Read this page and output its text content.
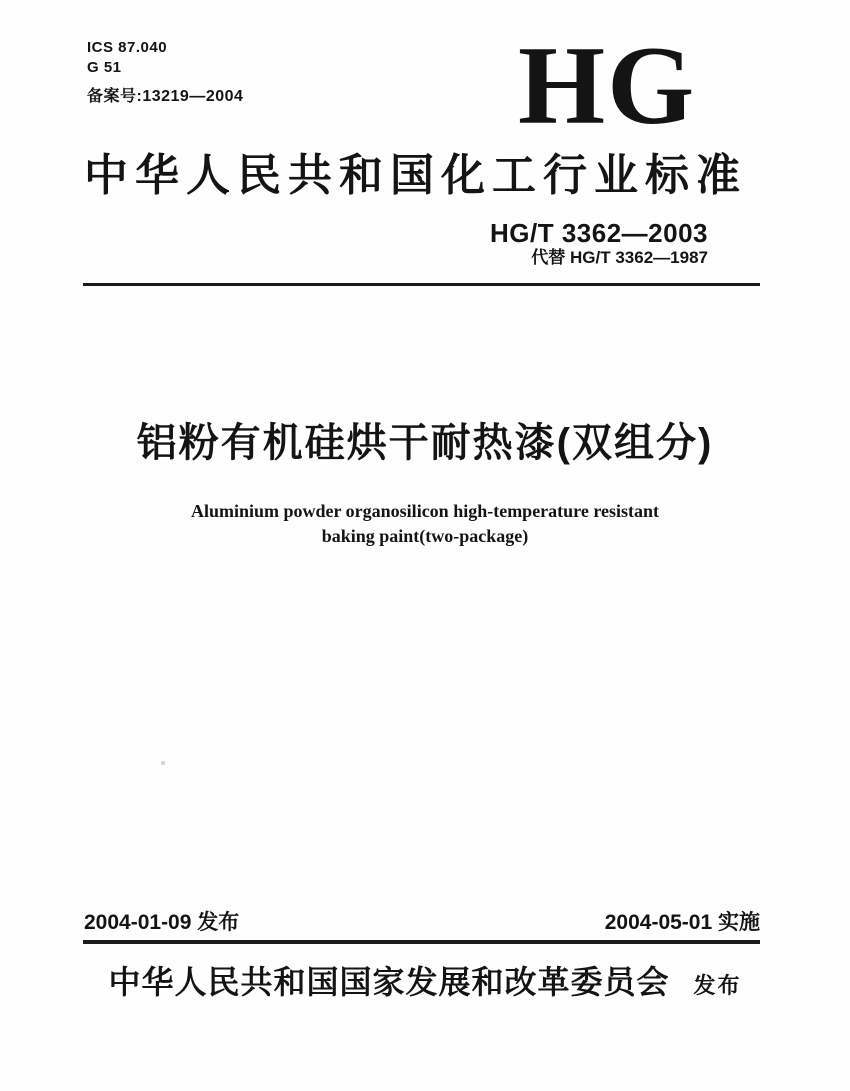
ICS 87.040
G 51
备案号:13219—2004 HG
中华人民共和国化工行业标准
HG/T 3362—2003
代替 HG/T 3362—1987
铝粉有机硅烘干耐热漆(双组分)
Aluminium powder organosilicon high-temperature resistant
baking paint(two-package)
2004-01-09 发布	2004-05-01 实施
中华人民共和国国家发展和改革委员会 发布
